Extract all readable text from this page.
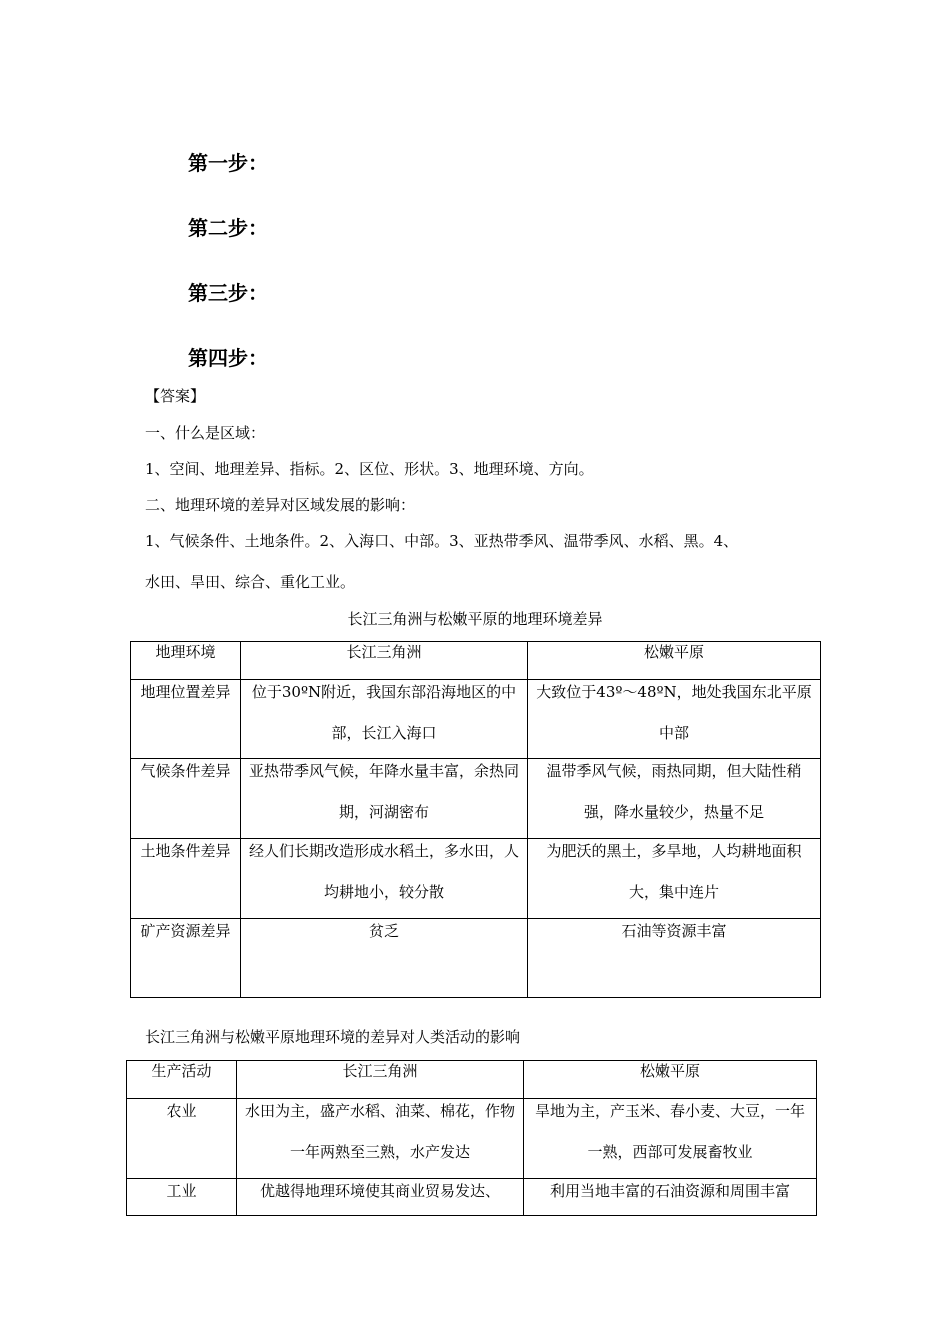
第一步：

第二步：

第三步：

第四步：

【答案】

一、什么是区域：

1、空间、地理差异、指标。2、区位、形状。3、地理环境、方向。

二、地理环境的差异对区域发展的影响：

1、气候条件、土地条件。2、入海口、中部。3、亚热带季风、温带季风、水稻、黑。4、

水田、旱田、综合、重化工业。

长江三角洲与松嫩平原的地理环境差异

地理环境	长江三角洲	松嫩平原

地理位置差异	位于30ºN附近，我国东部沿海地区的中部，长江入海口	大致位于43º～48ºN，地处我国东北平原中部

气候条件差异	亚热带季风气候，年降水量丰富，余热同期，河湖密布	温带季风气候，雨热同期，但大陆性稍强，降水量较少，热量不足

土地条件差异	经人们长期改造形成水稻土，多水田，人均耕地小，较分散	为肥沃的黑土，多旱地，人均耕地面积大，集中连片

矿产资源差异	贫乏	石油等资源丰富

长江三角洲与松嫩平原地理环境的差异对人类活动的影响

生产活动	长江三角洲	松嫩平原

农业	水田为主，盛产水稻、油菜、棉花，作物一年两熟至三熟，水产发达	旱地为主，产玉米、春小麦、大豆，一年一熟，西部可发展畜牧业

工业	优越得地理环境使其商业贸易发达、	利用当地丰富的石油资源和周围丰富
